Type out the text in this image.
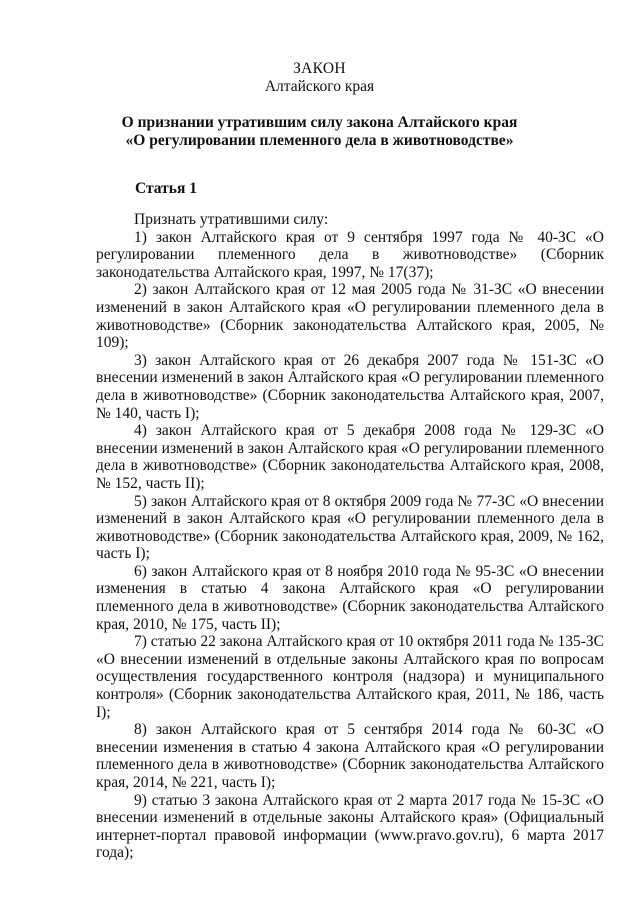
ЗАКОН
Алтайского края
О признании утратившим силу закона Алтайского края
«О регулировании племенного дела в животноводстве»
Статья 1

Признать утратившими силу:

1) закон Алтайского края от 9 сентября 1997 года № 40-ЗС «О регулировании племенного дела в животноводстве» (Сборник законодательства Алтайского края, 1997, № 17(37);

2) закон Алтайского края от 12 мая 2005 года № 31-ЗС «О внесении изменений в закон Алтайского края «О регулировании племенного дела в животноводстве» (Сборник законодательства Алтайского края, 2005, № 109);

3) закон Алтайского края от 26 декабря 2007 года № 151-ЗС «О внесении изменений в закон Алтайского края «О регулировании племенного дела в животноводстве» (Сборник законодательства Алтайского края, 2007, № 140, часть I);

4) закон Алтайского края от 5 декабря 2008 года № 129-ЗС «О внесении изменений в закон Алтайского края «О регулировании племенного дела в животноводстве» (Сборник законодательства Алтайского края, 2008, № 152, часть II);

5) закон Алтайского края от 8 октября 2009 года № 77-ЗС «О внесении изменений в закон Алтайского края «О регулировании племенного дела в животноводстве» (Сборник законодательства Алтайского края, 2009, № 162, часть I);

6) закон Алтайского края от 8 ноября 2010 года № 95-ЗС «О внесении изменения в статью 4 закона Алтайского края «О регулировании племенного дела в животноводстве» (Сборник законодательства Алтайского края, 2010, № 175, часть II);

7) статью 22 закона Алтайского края от 10 октября 2011 года № 135-ЗС «О внесении изменений в отдельные законы Алтайского края по вопросам осуществления государственного контроля (надзора) и муниципального контроля» (Сборник законодательства Алтайского края, 2011, № 186, часть I);

8) закон Алтайского края от 5 сентября 2014 года № 60-ЗС «О внесении изменения в статью 4 закона Алтайского края «О регулировании племенного дела в животноводстве» (Сборник законодательства Алтайского края, 2014, № 221, часть I);

9) статью 3 закона Алтайского края от 2 марта 2017 года № 15-ЗС «О внесении изменений в отдельные законы Алтайского края» (Официальный интернет-портал правовой информации (www.pravo.gov.ru), 6 марта 2017 года);
